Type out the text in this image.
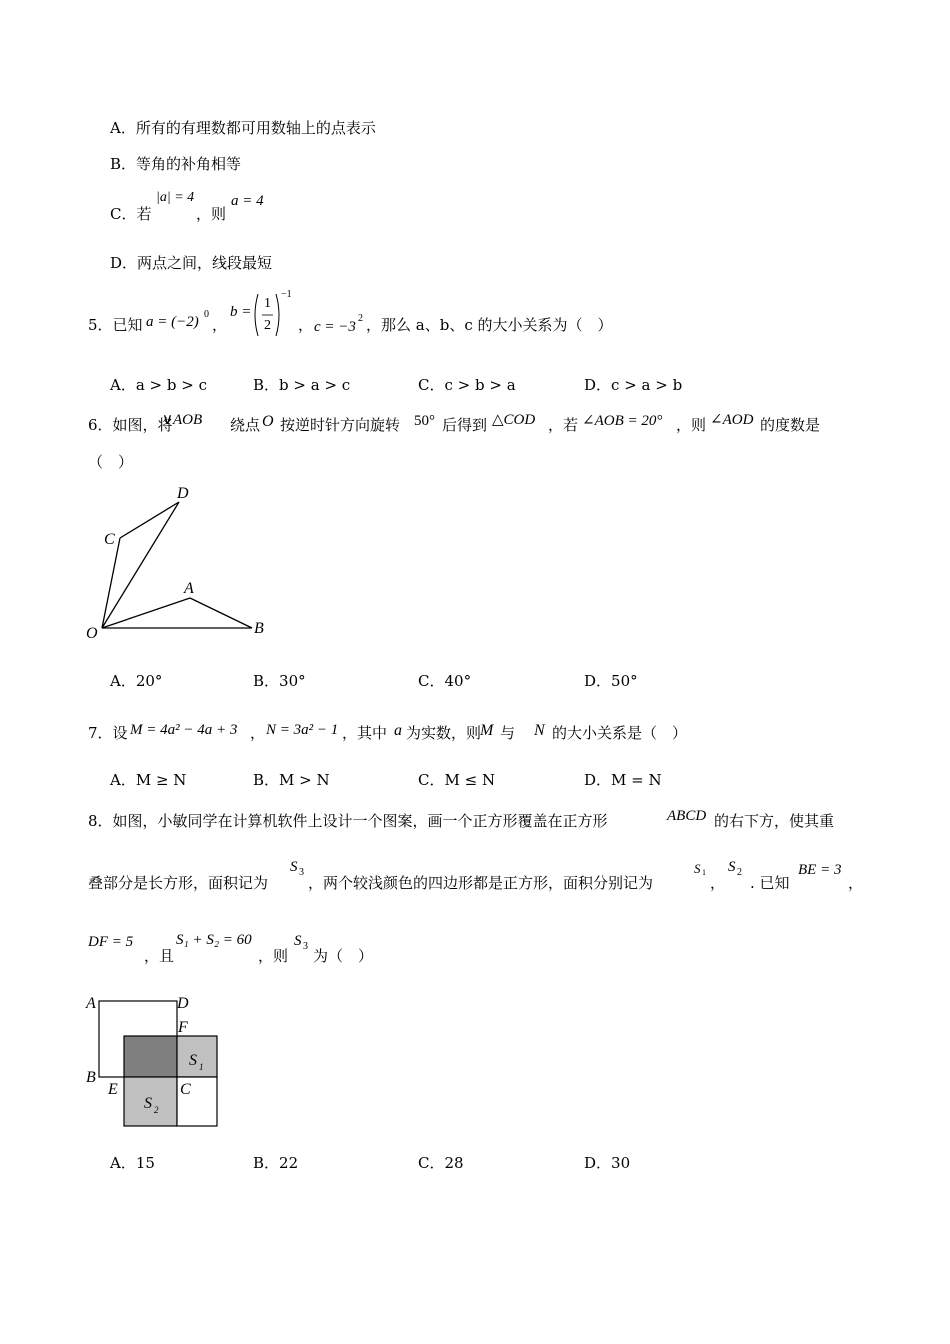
A．所有的有理数都可用数轴上的点表示
B．等角的补角相等
C．若
|a| = 4
，则
a = 4
D．两点之间，线段最短
5．已知 a = (−2) 0
，
b =
1
2
−1
， c = −3
2 ，那么 a、b、c 的大小关系为（　）
A．a > b > c	B．b > a > c	C．c > b > a	D．c > a > b
6．如图，将
∨AOB 绕点 O 按逆时针方向旋转 50° 后得到 △COD ，若 ∠AOB = 20° ，则 ∠AOD 的度数是
（　）
D
C
A
O	B
A．20°	B．30°	C．40°	D．50°
7．设 M = 4a² − 4a + 3 ， N = 3a² − 1 ，其中 a 为实数，则
M 与 N 的大小关系是（　）
A．M ≥ N	B．M > N	C．M ≤ N	D．M = N
8．如图，小敏同学在计算机软件上设计一个图案，画一个正方形覆盖在正方形	ABCD 的右下方，使其重
叠部分是长方形，面积记为
S 3
，两个较浅颜色的四边形都是正方形，面积分别记为
S 1
，
S 2
. 已知
BE = 3
，
DF = 5
，且
S₁ + S₂ = 60
，则
S 3
为（　）
A	D
F
B
E	C
S 1
S 2
A．15	B．22	C．28	D．30
